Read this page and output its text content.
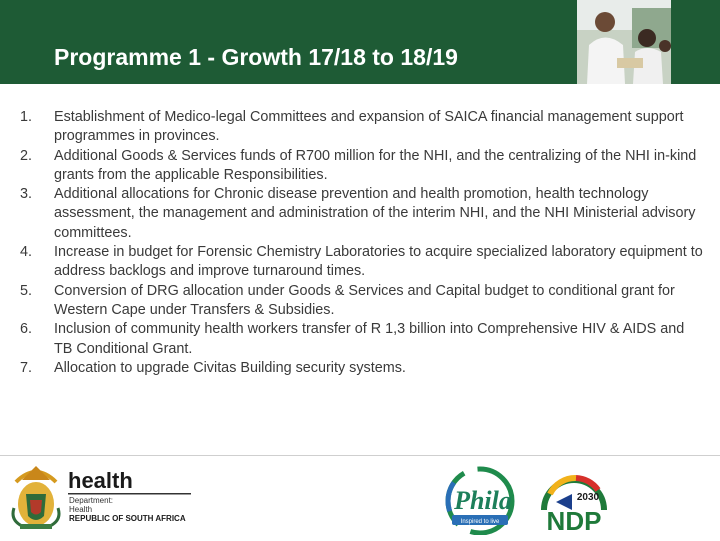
Programme 1 - Growth 17/18 to 18/19
1.	Establishment of Medico-legal Committees and expansion of SAICA financial management support programmes in provinces.
2.	Additional Goods & Services funds of R700 million for the NHI, and the centralizing of the NHI in-kind grants from the applicable Responsibilities.
3.	Additional allocations for Chronic disease prevention and health promotion, health technology assessment, the management and administration of the interim NHI, and the NHI Ministerial advisory committees.
4.	Increase in budget for Forensic Chemistry Laboratories to acquire specialized laboratory equipment to address backlogs and improve turnaround times.
5.	Conversion of DRG allocation under Goods & Services and Capital budget to conditional grant for Western Cape under Transfers & Subsidies.
6.	Inclusion of community health workers transfer of R 1,3 billion into Comprehensive HIV & AIDS and TB Conditional Grant.
7.	Allocation to upgrade Civitas Building security systems.
health
Department:
Health
REPUBLIC OF SOUTH AFRICA
Phila
Inspired to live
2030
NDP
